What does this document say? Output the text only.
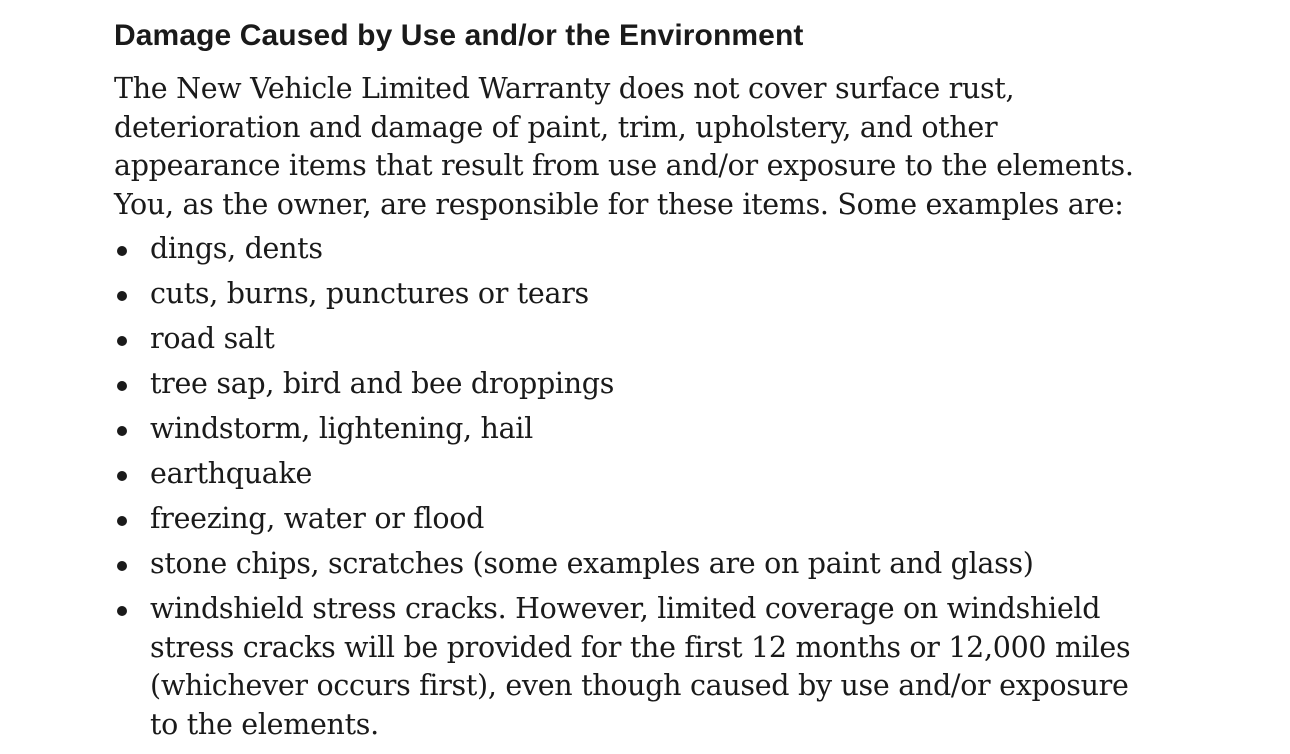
Damage Caused by Use and/or the Environment

The New Vehicle Limited Warranty does not cover surface rust,
deterioration and damage of paint, trim, upholstery, and other
appearance items that result from use and/or exposure to the elements.
You, as the owner, are responsible for these items. Some examples are:

dings, dents
cuts, burns, punctures or tears
road salt
tree sap, bird and bee droppings
windstorm, lightening, hail
earthquake
freezing, water or flood
stone chips, scratches (some examples are on paint and glass)
windshield stress cracks. However, limited coverage on windshield
stress cracks will be provided for the first 12 months or 12,000 miles
(whichever occurs first), even though caused by use and/or exposure
to the elements.
